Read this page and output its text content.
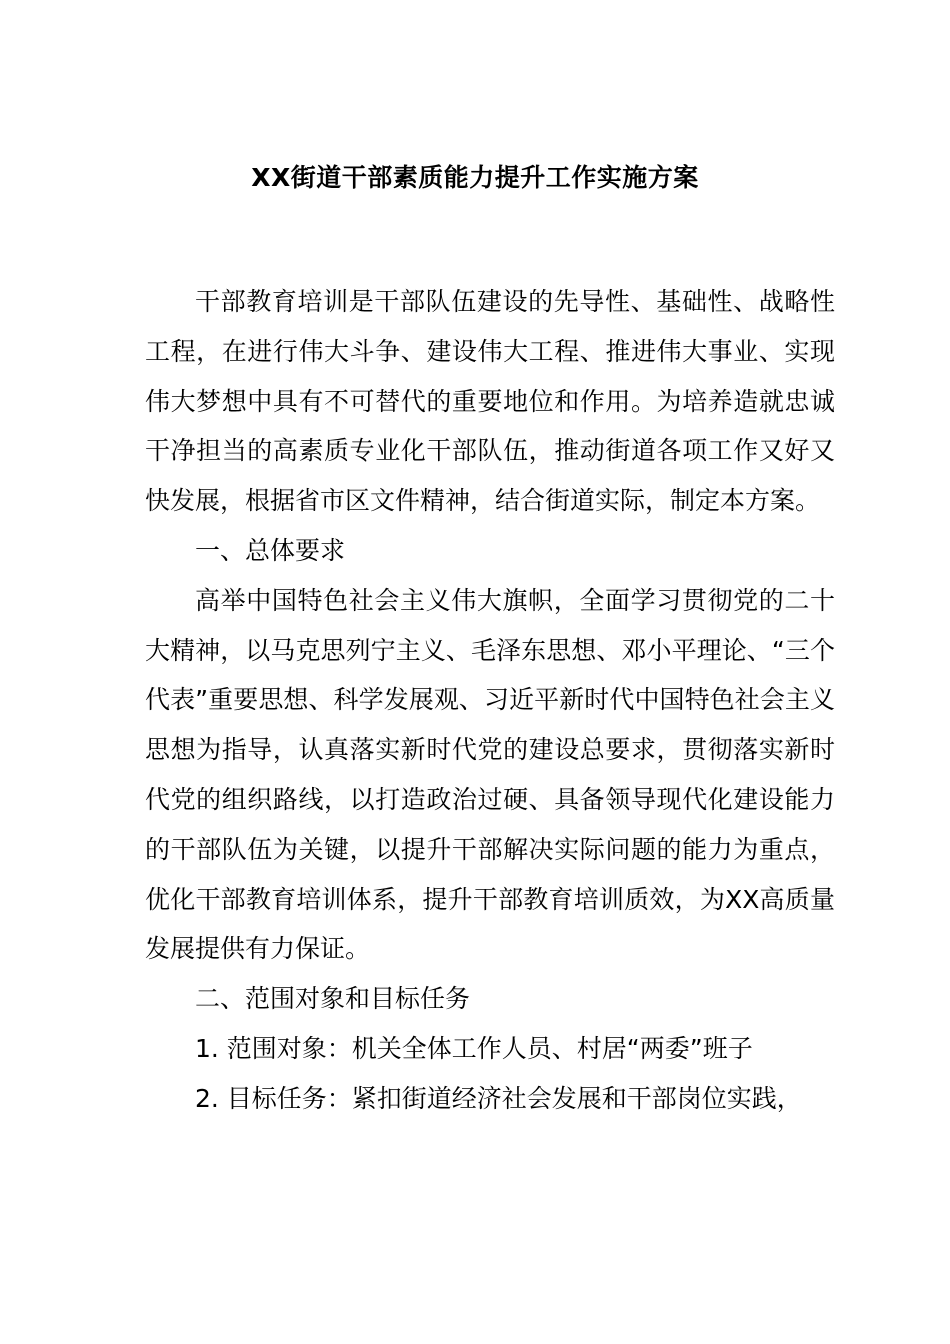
XX街道干部素质能力提升工作实施方案

干部教育培训是干部队伍建设的先导性、基础性、战略性工程，在进行伟大斗争、建设伟大工程、推进伟大事业、实现伟大梦想中具有不可替代的重要地位和作用。为培养造就忠诚干净担当的高素质专业化干部队伍，推动街道各项工作又好又快发展，根据省市区文件精神，结合街道实际，制定本方案。

一、总体要求

高举中国特色社会主义伟大旗帜，全面学习贯彻党的二十大精神，以马克思列宁主义、毛泽东思想、邓小平理论、“三个代表”重要思想、科学发展观、习近平新时代中国特色社会主义思想为指导，认真落实新时代党的建设总要求，贯彻落实新时代党的组织路线，以打造政治过硬、具备领导现代化建设能力的干部队伍为关键，以提升干部解决实际问题的能力为重点，优化干部教育培训体系，提升干部教育培训质效，为XX高质量发展提供有力保证。

二、范围对象和目标任务

1. 范围对象：机关全体工作人员、村居“两委”班子

2. 目标任务：紧扣街道经济社会发展和干部岗位实践，
